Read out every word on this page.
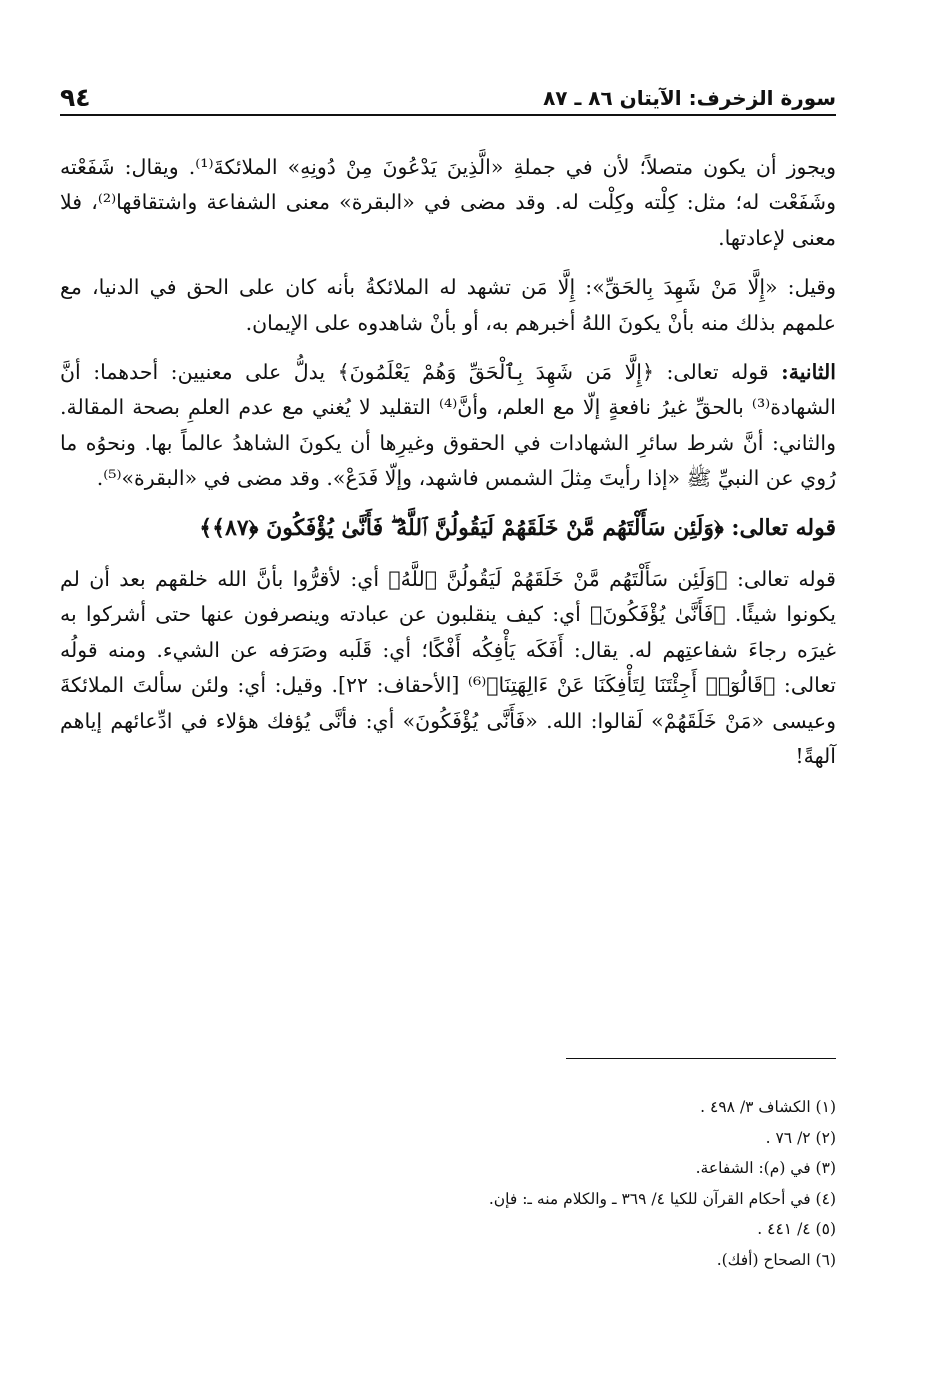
سورة الزخرف: الآيتان ٨٦ ـ ٨٧
٩٤

ويجوز أن يكون متصلاً؛ لأن في جملةِ «الَّذِينَ يَدْعُونَ مِنْ دُونِهِ» الملائكةَ⁽¹⁾. ويقال: شَفَعْته وشَفَعْت له؛ مثل: كِلْته وكِلْت له. وقد مضى في «البقرة» معنى الشفاعة واشتقاقها⁽²⁾، فلا معنى لإعادتها.

وقيل: «إِلَّا مَنْ شَهِدَ بِالحَقِّ»: إِلَّا مَن تشهد له الملائكةُ بأنه كان على الحق في الدنيا، مع علمهم بذلك منه بأنْ يكونَ اللهُ أخبرهم به، أو بأنْ شاهدوه على الإيمان.

الثانية: قوله تعالى: ﴿إِلَّا مَن شَهِدَ بِٱلْحَقِّ وَهُمْ يَعْلَمُونَ﴾ يدلُّ على معنيين: أحدهما: أنَّ الشهادة⁽³⁾ بالحقِّ غيرُ نافعةٍ إلّا مع العلم، وأنَّ⁽⁴⁾ التقليد لا يُغني مع عدم العلمِ بصحة المقالة. والثاني: أنَّ شرط سائرِ الشهادات في الحقوق وغيرِها أن يكونَ الشاهدُ عالماً بها. ونحوُه ما رُوي عن النبيِّ ﷺ «إذا رأيتَ مِثلَ الشمس فاشهد، وإلّا فَدَعْ». وقد مضى في «البقرة»⁽⁵⁾.

قوله تعالى: ﴿وَلَئِن سَأَلْتَهُم مَّنْ خَلَقَهُمْ لَيَقُولُنَّ ٱللَّهُ ۖ فَأَنَّىٰ يُؤْفَكُونَ ﴿٨٧﴾﴾

قوله تعالى: ﴿وَلَئِن سَأَلْتَهُم مَّنْ خَلَقَهُمْ لَيَقُولُنَّ ٱللَّهُ﴾ أي: لأقرُّوا بأنَّ الله خلقهم بعد أن لم يكونوا شيئًا. ﴿فَأَنَّىٰ يُؤْفَكُونَ﴾ أي: كيف ينقلبون عن عبادته وينصرفون عنها حتى أشركوا به غيرَه رجاءَ شفاعتِهم له. يقال: أَفَكَه يَأْفِكُه أَفْكًا؛ أي: قَلَبه وصَرَفه عن الشيء. ومنه قولُه تعالى: ﴿قَالُوٓا۟ أَجِئْتَنَا لِتَأْفِكَنَا عَنْ ءَالِهَتِنَا﴾⁽⁶⁾ [الأحقاف: ٢٢]. وقيل: أي: ولئن سألتَ الملائكةَ وعيسى «مَنْ خَلَقَهُمْ» لَقالوا: الله. «فَأَنَّى يُؤْفَكُونَ» أي: فأنَّى يُؤفك هؤلاء في ادِّعائهم إياهم آلهةً!

(١) الكشاف ٣/ ٤٩٨ .
(٢) ٢/ ٧٦ .
(٣) في (م): الشفاعة.
(٤) في أحكام القرآن للكيا ٤/ ٣٦٩ ـ والكلام منه ـ: فإن.
(٥) ٤/ ٤٤١ .
(٦) الصحاح (أفك).
